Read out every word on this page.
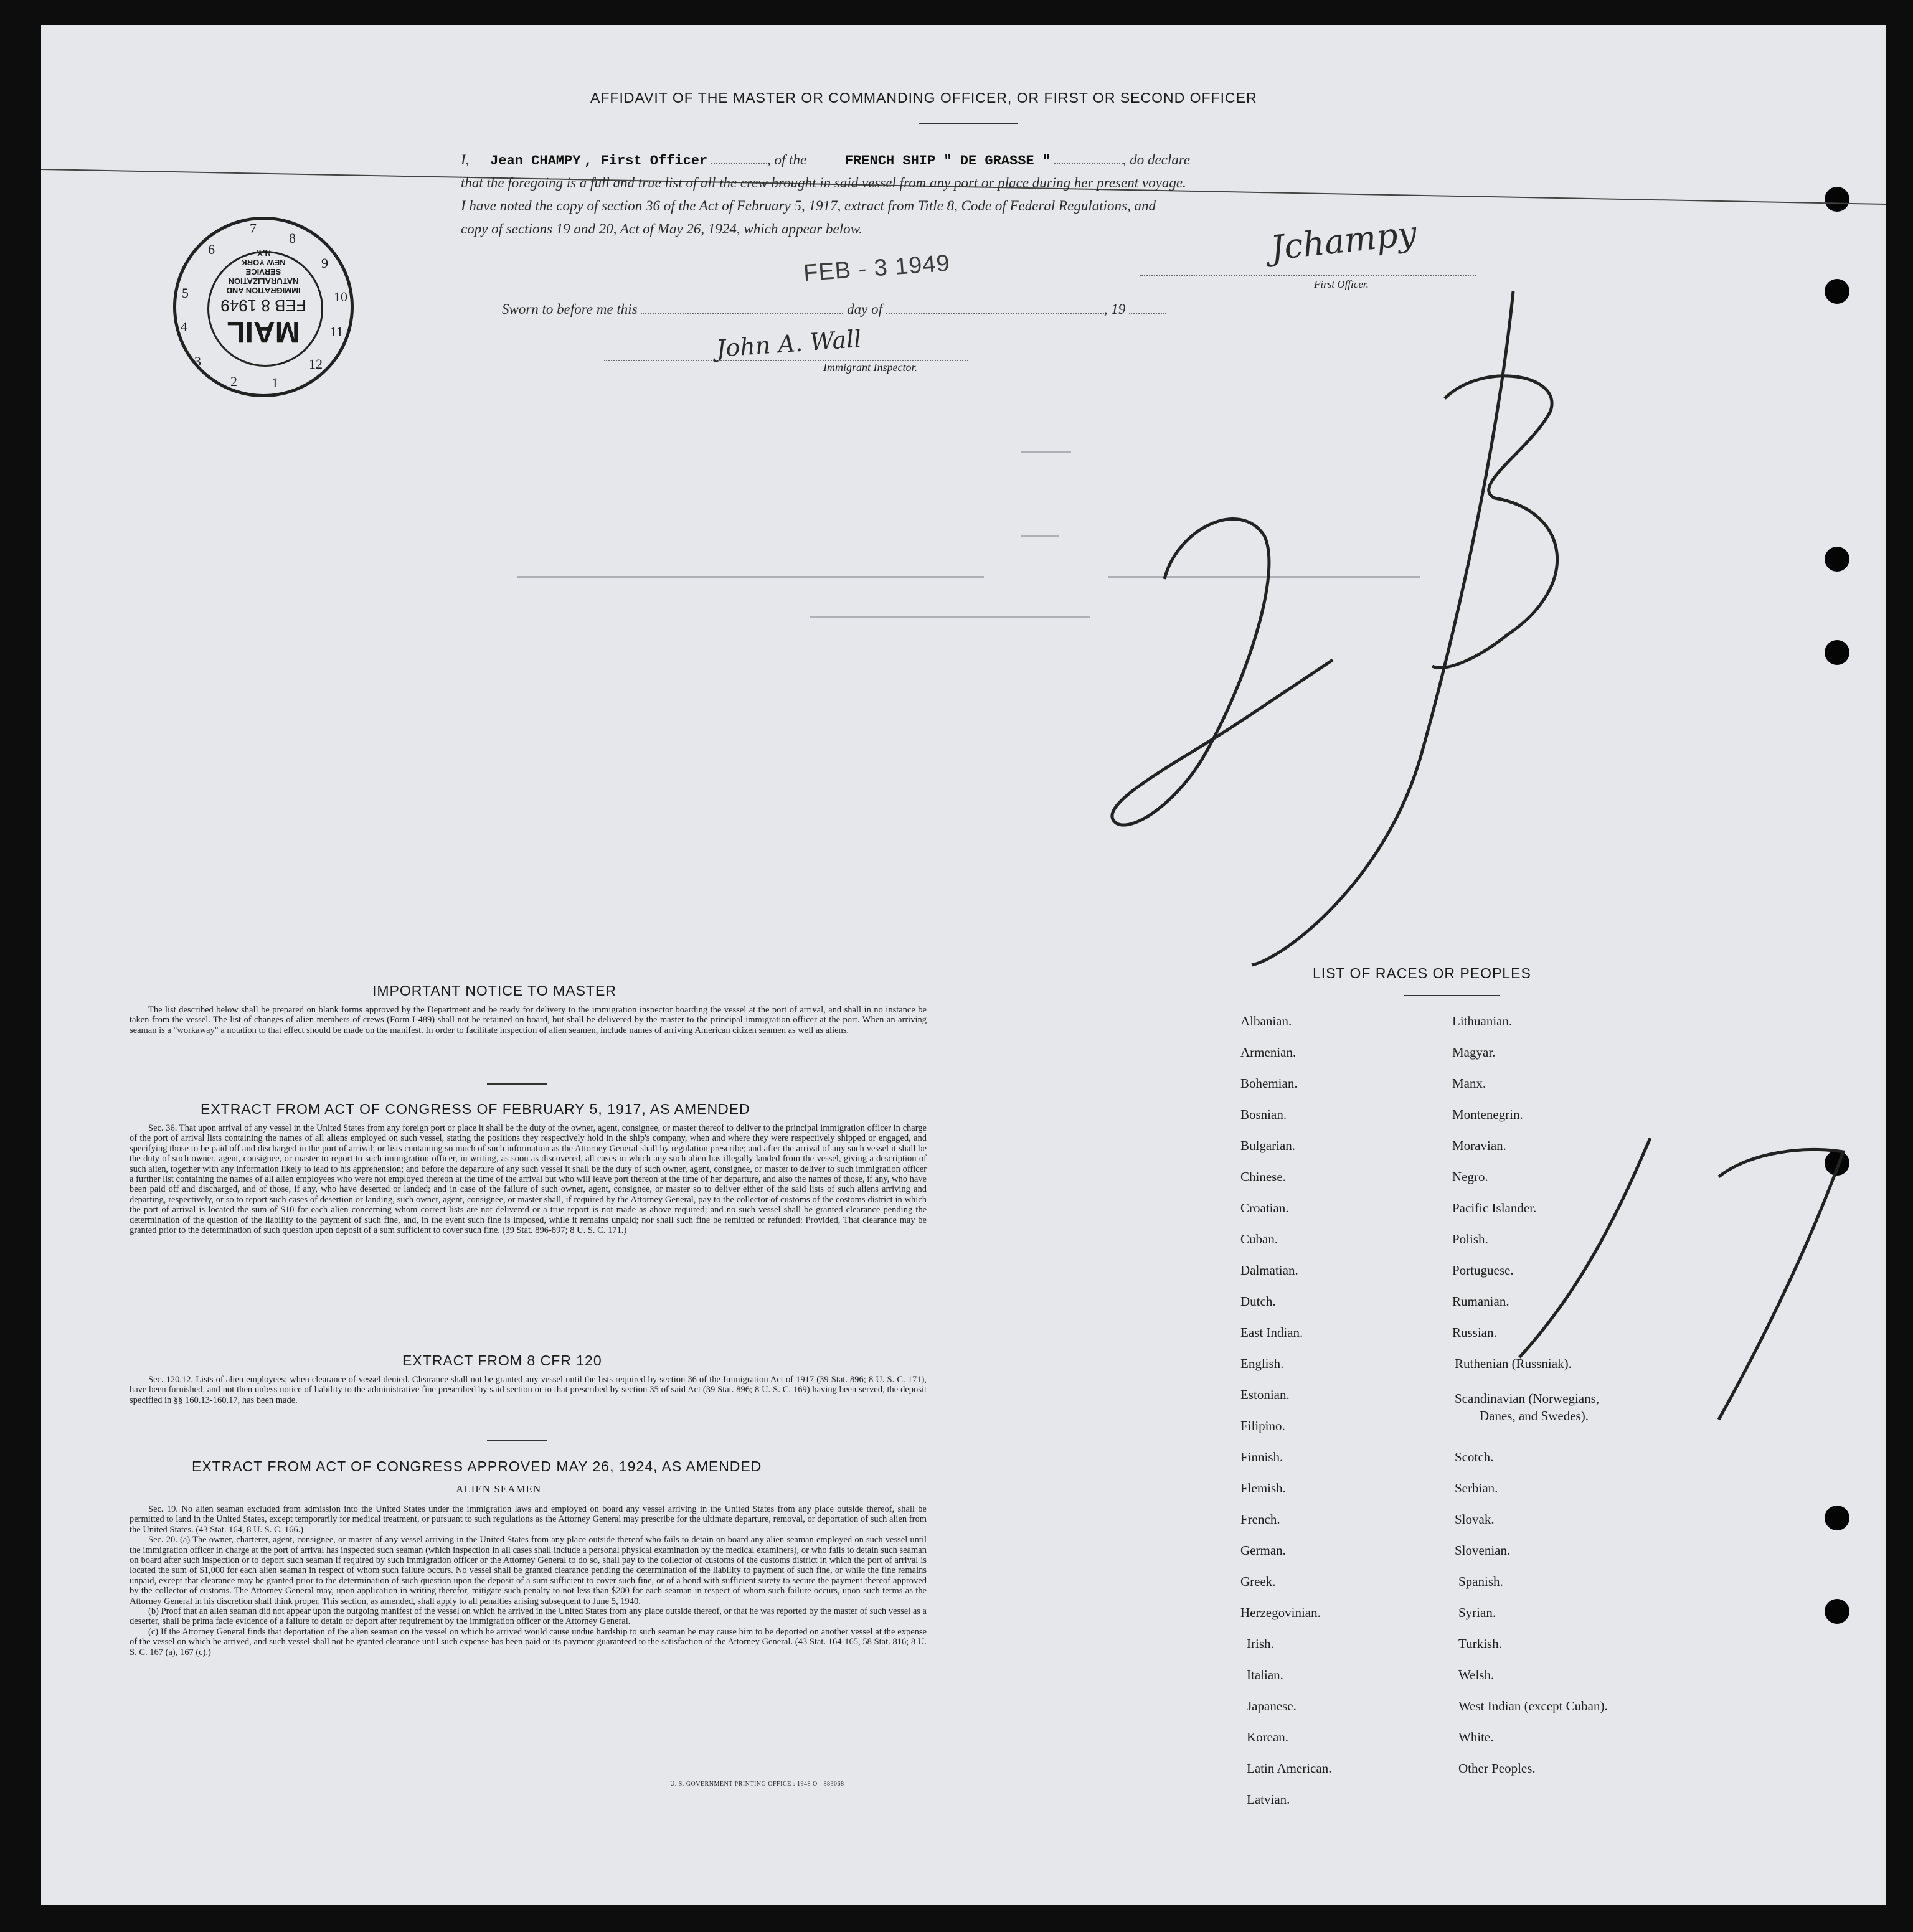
AFFIDAVIT OF THE MASTER OR COMMANDING OFFICER, OR FIRST OR SECOND OFFICER
I, Jean CHAMPY , First Officer	, of the	FRENCH SHIP " DE GRASSE "	, do declare
that the foregoing is a full and true list of all the crew brought in said vessel from any port or place during her present voyage.
I have noted the copy of section 36 of the Act of February 5, 1917, extract from Title 8, Code of Federal Regulations, and
copy of sections 19 and 20, Act of May 26, 1924, which appear below.	Jchampy
First Officer.
Sworn to before me this	day of	, 19
FEB - 3 1949
John A. Wall
Immigrant Inspector.
MAIL
FEB 8 1949
IMMIGRATION AND
NATURALIZATION
SERVICE
NEW YORK
N.Y.
7
8
9
10
11
12
1
2
3
4
5
6
IMPORTANT NOTICE TO MASTER

The list described below shall be prepared on blank forms approved by the Department and be ready for delivery to the immigration inspector boarding the vessel at the port of arrival, and shall in no instance be taken from the vessel. The list of changes of alien members of crews (Form I-489) shall not be retained on board, but shall be delivered by the master to the principal immigration officer at the port. When an arriving seaman is a "workaway" a notation to that effect should be made on the manifest. In order to facilitate inspection of alien seamen, include names of arriving American citizen seamen as well as aliens.

EXTRACT FROM ACT OF CONGRESS OF FEBRUARY 5, 1917, AS AMENDED

Sec. 36. That upon arrival of any vessel in the United States from any foreign port or place it shall be the duty of the owner, agent, consignee, or master thereof to deliver to the principal immigration officer in charge of the port of arrival lists containing the names of all aliens employed on such vessel, stating the positions they respectively hold in the ship's company, when and where they were respectively shipped or engaged, and specifying those to be paid off and discharged in the port of arrival; or lists containing so much of such information as the Attorney General shall by regulation prescribe; and after the arrival of any such vessel it shall be the duty of such owner, agent, consignee, or master to report to such immigration officer, in writing, as soon as discovered, all cases in which any such alien has illegally landed from the vessel, giving a description of such alien, together with any information likely to lead to his apprehension; and before the departure of any such vessel it shall be the duty of such owner, agent, consignee, or master to deliver to such immigration officer a further list containing the names of all alien employees who were not employed thereon at the time of the arrival but who will leave port thereon at the time of her departure, and also the names of those, if any, who have been paid off and discharged, and of those, if any, who have deserted or landed; and in case of the failure of such owner, agent, consignee, or master so to deliver either of the said lists of such aliens arriving and departing, respectively, or so to report such cases of desertion or landing, such owner, agent, consignee, or master shall, if required by the Attorney General, pay to the collector of customs of the costoms district in which the port of arrival is located the sum of $10 for each alien concerning whom correct lists are not delivered or a true report is not made as above required; and no such vessel shall be granted clearance pending the determination of the question of the liability to the payment of such fine, and, in the event such fine is imposed, while it remains unpaid; nor shall such fine be remitted or refunded: Provided, That clearance may be granted prior to the determination of such question upon deposit of a sum sufficient to cover such fine. (39 Stat. 896-897; 8 U. S. C. 171.)

EXTRACT FROM 8 CFR 120

Sec. 120.12. Lists of alien employees; when clearance of vessel denied. Clearance shall not be granted any vessel until the lists required by section 36 of the Immigration Act of 1917 (39 Stat. 896; 8 U. S. C. 171), have been furnished, and not then unless notice of liability to the administrative fine prescribed by said section or to that prescribed by section 35 of said Act (39 Stat. 896; 8 U. S. C. 169) having been served, the deposit specified in §§ 160.13-160.17, has been made.

EXTRACT FROM ACT OF CONGRESS APPROVED MAY 26, 1924, AS AMENDED
ALIEN SEAMEN

Sec. 19. No alien seaman excluded from admission into the United States under the immigration laws and employed on board any vessel arriving in the United States from any place outside thereof, shall be permitted to land in the United States, except temporarily for medical treatment, or pursuant to such regulations as the Attorney General may prescribe for the ultimate departure, removal, or deportation of such alien from the United States. (43 Stat. 164, 8 U. S. C. 166.)

Sec. 20. (a) The owner, charterer, agent, consignee, or master of any vessel arriving in the United States from any place outside thereof who fails to detain on board any alien seaman employed on such vessel until the immigration officer in charge at the port of arrival has inspected such seaman (which inspection in all cases shall include a personal physical examination by the medical examiners), or who fails to detain such seaman on board after such inspection or to deport such seaman if required by such immigration officer or the Attorney General to do so, shall pay to the collector of customs of the customs district in which the port of arrival is located the sum of $1,000 for each alien seaman in respect of whom such failure occurs. No vessel shall be granted clearance pending the determination of the liability to payment of such fine, or while the fine remains unpaid, except that clearance may be granted prior to the determination of such question upon the deposit of a sum sufficient to cover such fine, or of a bond with sufficient surety to secure the payment thereof approved by the collector of customs. The Attorney General may, upon application in writing therefor, mitigate such penalty to not less than $200 for each seaman in respect of whom such failure occurs, upon such terms as the Attorney General in his discretion shall think proper. This section, as amended, shall apply to all penalties arising subsequent to June 5, 1940.

(b) Proof that an alien seaman did not appear upon the outgoing manifest of the vessel on which he arrived in the United States from any place outside thereof, or that he was reported by the master of such vessel as a deserter, shall be prima facie evidence of a failure to detain or deport after requirement by the immigration officer or the Attorney General.

(c) If the Attorney General finds that deportation of the alien seaman on the vessel on which he arrived would cause undue hardship to such seaman he may cause him to be deported on another vessel at the expense of the vessel on which he arrived, and such vessel shall not be granted clearance until such expense has been paid or its payment guaranteed to the satisfaction of the Attorney General. (43 Stat. 164-165, 58 Stat. 816; 8 U. S. C. 167 (a), 167 (c).)

U. S. GOVERNMENT PRINTING OFFICE : 1948 O - 883068
LIST OF RACES OR PEOPLES
Albanian.
Armenian.
Bohemian.
Bosnian.
Bulgarian.
Chinese.
Croatian.
Cuban.
Dalmatian.
Dutch.
East Indian.
English.
Estonian.
Filipino.
Finnish.
Flemish.
French.
German.
Greek.
Herzegovinian.
Irish.
Italian.
Japanese.
Korean.
Latin American.
Latvian.
Lithuanian.
Magyar.
Manx.
Montenegrin.
Moravian.
Negro.
Pacific Islander.
Polish.
Portuguese.
Rumanian.
Russian.
Ruthenian (Russniak).
Scandinavian (Norwegians,
Danes, and Swedes).
Scotch.
Serbian.
Slovak.
Slovenian.
Spanish.
Syrian.
Turkish.
Welsh.
West Indian (except Cuban).
White.
Other Peoples.
